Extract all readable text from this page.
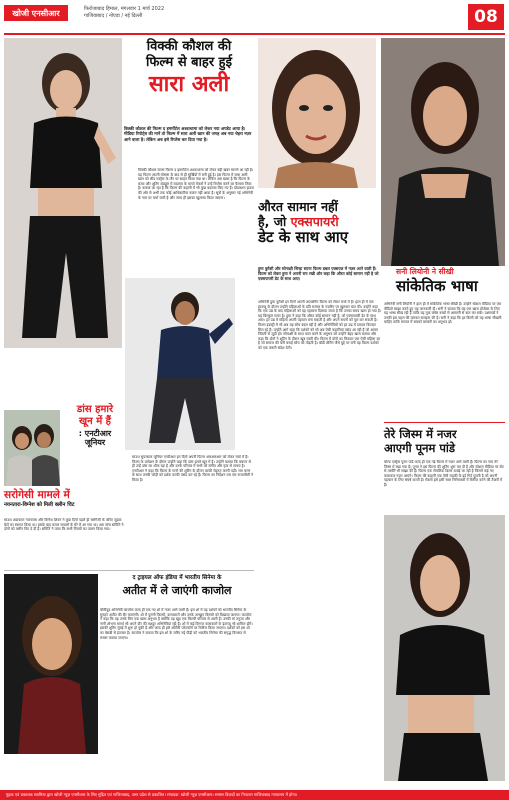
खोजी एनसीआर	फिरोजाबाद हिमाल, मंगलवार 1 मार्च 2022
गाजियाबाद / नोएडा / नई दिल्ली	08
विक्की कौशल की
फिल्म से बाहर हुई
सारा अली
विक्की कौशल की फिल्म द इमर्मोर्टल अश्वत्थामा को लेकर नया अपडेट आया है। मीडिया रिपोर्ट्स की मानें तो फिल्म में सारा अली खान की जगह अब नया चेहरा नज़र आने वाला है। लेकिन अब इसे रिप्लेस कर दिया गया है।
विक्की कौशल स्टारर फिल्म द इमर्मोर्टल अश्वत्थामा को लेकर बड़ी खबर सामने आ रही है। यह फिल्म अपनी घोषणा के बाद से ही सुर्खियों में बनी हुई है। इस फिल्म में सारा अली खान को लीड एक्ट्रेस के तौर पर साइन किया गया था। लेकिन अब खबर है कि फिल्म के बजट और शूटिंग शेड्यूल में बदलाव के चलते मेकर्स ने उन्हें रिप्लेस करने का फैसला लिया है। बताया जा रहा है कि फिल्म की कहानी में भी कुछ बदलाव किए गए हैं। प्रोडक्शन हाउस की ओर से अभी तक कोई आधिकारिक बयान नहीं आया है। सूत्रों के अनुसार नई अभिनेत्री के नाम पर चर्चा जारी है और जल्द ही इसका खुलासा किया जाएगा।
डांस हमारे
खून में हैं
: एनटीआर
जूनियर
साउथ सुपरस्टार जूनियर एनटीआर इन दिनों अपनी फिल्म आरआरआर को लेकर चर्चा में हैं। फिल्म के प्रमोशन के दौरान उन्होंने कहा कि डांस हमारे खून में है। उन्होंने बताया कि बचपन से ही उन्हें डांस का शौक रहा है और उनके परिवार में सभी को संगीत और नृत्य से लगाव है। एनटीआर ने कहा कि फिल्म के गानों की शूटिंग के दौरान काफी मेहनत करनी पड़ी। राम चरण के साथ उनकी जोड़ी को दर्शक काफी पसंद कर रहे हैं। फिल्म का निर्देशन एस एस राजामौली ने किया है।
सरोगेसी मामले में
नयनतारा-विग्नेश को मिली क्लीन चिट
साउथ अदाकारा नयनतारा और विग्नेश शिवन ने कुछ दिनों पहले ही सरोगेसी के जरिए जुड़वा बेटों का स्वागत किया था। इसके बाद कपल सवालों के घेरे में आ गया था। अब जांच समिति ने दोनों को क्लीन चिट दे दी है। समिति ने पाया कि सभी नियमों का पालन किया गया।
द ट्राइयल ऑफ इंडिया में भारतीय सिनेमा के
अतीत में ले जाएंगी काजोल
बॉलीवुड अभिनेत्री काजोल जल्द ही एक नए शो में नजर आने वाली हैं। इस शो में वह दर्शकों को भारतीय सिनेमा के सुनहरे अतीत की सैर कराएंगी। शो में पुरानी फिल्मों, कलाकारों और उनके अनछुए किस्सों को दिखाया जाएगा। काजोल ने कहा कि यह उनके लिए एक खास अनुभव है क्योंकि वह खुद एक फिल्मी परिवार से आती हैं। उनकी मां तनुजा और नानी शोभना समर्थ भी अपने दौर की मशहूर अभिनेत्रियां रही हैं। शो में कई दिग्गज कलाकारों के इंटरव्यू भी शामिल होंगे। इसकी शूटिंग मुंबई में शुरू हो चुकी है और जल्द ही इसे ओटीटी प्लेटफॉर्म पर रिलीज किया जाएगा। दर्शकों को इस शो का बेसब्री से इंतजार है। काजोल ने बताया कि इस शो के जरिए नई पीढ़ी को भारतीय सिनेमा की समृद्ध विरासत से रूबरू कराया जाएगा।
औरत सामान नहीं
है, जो एक्सपायरी
डेट के साथ आए
हुमा कुरैशी और सोनाक्षी सिन्हा स्टारर फिल्म डबल एक्सएल में नज़र आने वाली हैं। फिल्म को लेकर हुमा ने अपनी राय रखी और कहा कि औरत कोई सामान नहीं है जो एक्सपायरी डेट के साथ आए।
अभिनेत्री हुमा कुरैशी इन दिनों अपनी अपकमिंग फिल्म को लेकर चर्चा में हैं। हाल ही में एक इंटरव्यू के दौरान उन्होंने महिलाओं के प्रति समाज के नज़रिए पर खुलकर बात की। उन्होंने कहा कि एक उम्र के बाद महिलाओं को यह एहसास दिलाया जाता है कि उनका समय खत्म हो गया है। यह बिल्कुल गलत है। हुमा ने कहा कि औरत कोई सामान नहीं है, जो एक्सपायरी डेट के साथ आए। हर उम्र में महिला अपनी पहचान बना सकती है और अपने सपनों को पूरा कर सकती है। फिल्म इंडस्ट्री में भी अब यह सोच बदल रही है और अभिनेत्रियों को हर उम्र में दमदार किरदार मिल रहे हैं। उन्होंने आगे कहा कि दर्शकों को भी अब ऐसी कहानियां पसंद आ रही हैं जो असल जिंदगी से जुड़ी हों। सोनाक्षी के साथ काम करने के अनुभव को उन्होंने बेहद खास बताया और कहा कि दोनों ने शूटिंग के दौरान खूब मस्ती की। फिल्म में दोनों का किरदार एक ऐसी महिला का है जो समाज की बनी बनाई सोच को तोड़ती है। बॉडी शेमिंग जैसे मुद्दे पर बनी यह फिल्म दर्शकों को एक जरूरी संदेश देगी।
सनी लियोनी ने सीखी
सांकेतिक भाषा
अभिनेत्री सनी लियोनी ने हाल ही में सांकेतिक भाषा सीखी है। उन्होंने सोशल मीडिया पर एक वीडियो साझा करते हुए यह जानकारी दी। सनी ने बताया कि वह एक खास प्रोजेक्ट के लिए यह भाषा सीख रही हैं ताकि वह मूक बधिर बच्चों से आसानी से बात कर सकें। प्रशंसकों ने उनकी इस पहल की जमकर सराहना की है। सनी ने कहा कि हर किसी को यह भाषा सीखनी चाहिए ताकि समाज में सबको बराबरी का अनुभव हो।
तेरे जिस्म में नजर
आएगी पूनम पांडे
बोल्ड एक्ट्रेस पूनम पांडे जल्द ही एक नई फिल्म में नज़र आने वाली हैं। फिल्म का नाम तेरे जिस्म में रखा गया है। पूनम ने इस फिल्म की शूटिंग शुरू कर दी है और सोशल मीडिया पर सेट से तस्वीरें भी साझा की हैं। फिल्म एक रोमांटिक थ्रिलर बताई जा रही है जिसमें कई नए कलाकार नज़र आएंगे। फिल्म की कहानी एक ऐसी लड़की के इर्द गिर्द घूमती है जो अपनी पहचान के लिए संघर्ष करती है। मेकर्स इसे इसी साल सिनेमाघरों में रिलीज करने की तैयारी में हैं।
मुद्रक एवं प्रकाशक स्वामित्व द्वारा खोजी न्यूज़ एनसीआर के लिए मुद्रित एवं गाजियाबाद, उत्तर प्रदेश से प्रकाशित। संपादक: खोजी न्यूज़ एनसीआर। समस्त विवादों का निपटारा गाजियाबाद न्यायालय में होगा।
